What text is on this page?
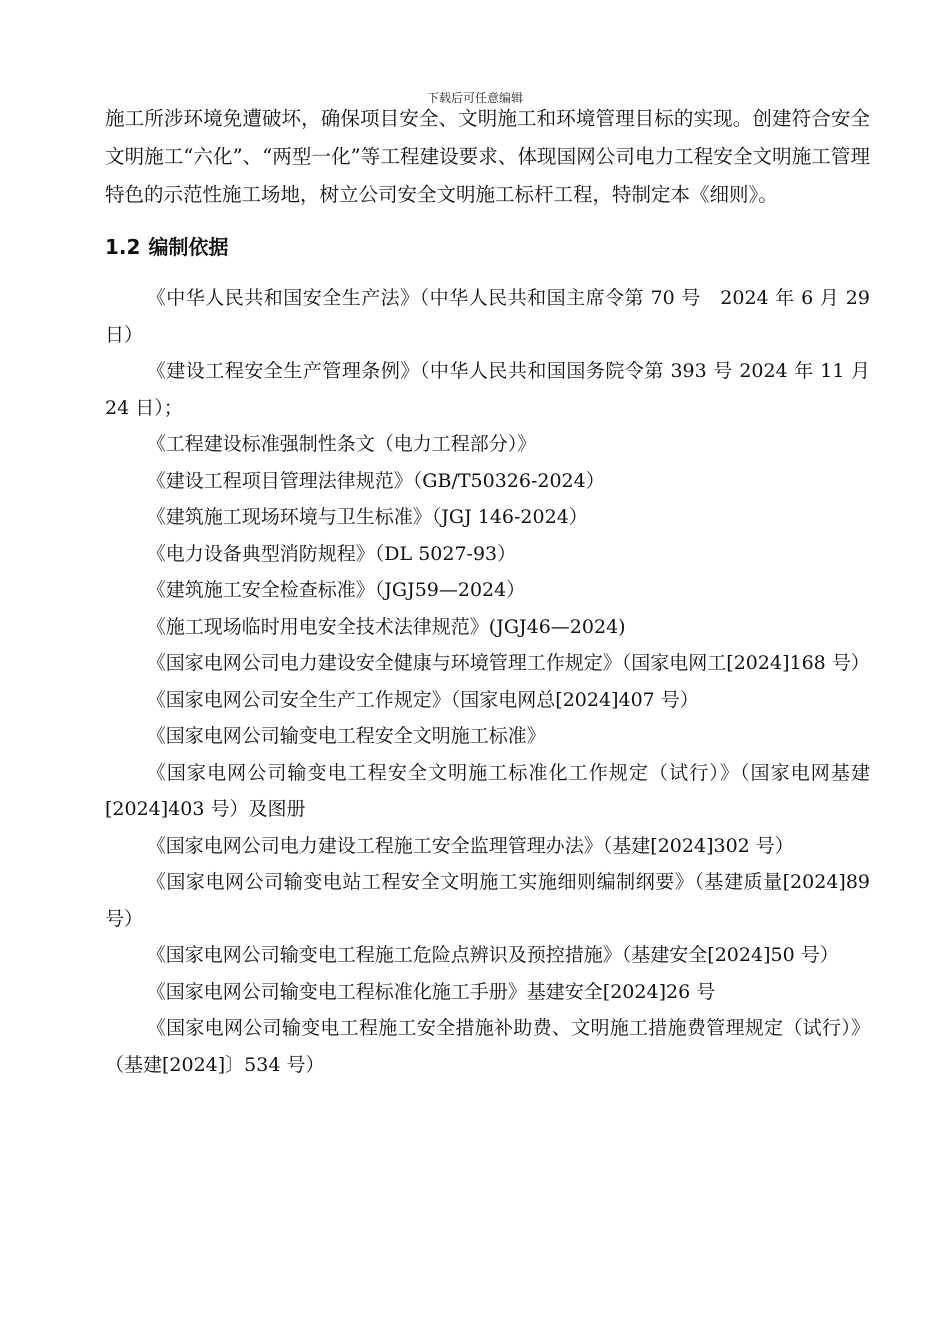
下载后可任意编辑

施工所涉环境免遭破坏，确保项目安全、文明施工和环境管理目标的实现。创建符合安全文明施工“六化”、“两型一化”等工程建设要求、体现国网公司电力工程安全文明施工管理特色的示范性施工场地，树立公司安全文明施工标杆工程，特制定本《细则》。

1.2 编制依据

《中华人民共和国安全生产法》（中华人民共和国主席令第 70 号　2024 年 6 月 29 日）

《建设工程安全生产管理条例》（中华人民共和国国务院令第 393 号 2024 年 11 月 24 日）；

《工程建设标准强制性条文（电力工程部分）》

《建设工程项目管理法律规范》（GB/T50326-2024）

《建筑施工现场环境与卫生标准》（JGJ 146-2024）

《电力设备典型消防规程》（DL 5027-93）

《建筑施工安全检查标准》（JGJ59—2024）

《施工现场临时用电安全技术法律规范》(JGJ46—2024)

《国家电网公司电力建设安全健康与环境管理工作规定》（国家电网工[2024]168 号）

《国家电网公司安全生产工作规定》（国家电网总[2024]407 号）

《国家电网公司输变电工程安全文明施工标准》

《国家电网公司输变电工程安全文明施工标准化工作规定（试行）》（国家电网基建[2024]403 号）及图册

《国家电网公司电力建设工程施工安全监理管理办法》（基建[2024]302 号）

《国家电网公司输变电站工程安全文明施工实施细则编制纲要》（基建质量[2024]89 号）

《国家电网公司输变电工程施工危险点辨识及预控措施》（基建安全[2024]50 号）

《国家电网公司输变电工程标准化施工手册》基建安全[2024]26 号

《国家电网公司输变电工程施工安全措施补助费、文明施工措施费管理规定（试行）》（基建[2024]〕534 号）
